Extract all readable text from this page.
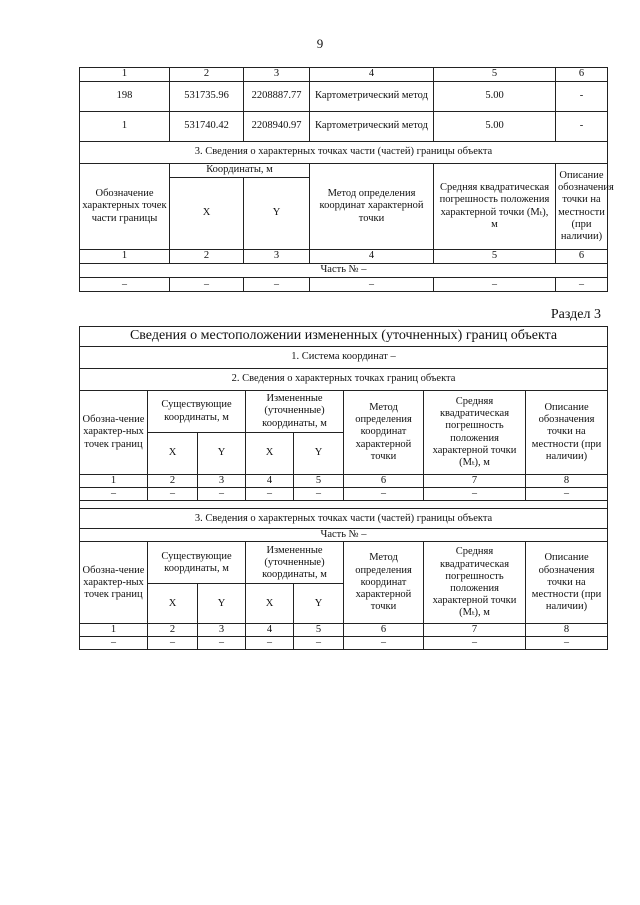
9
1	2	3	4	5	6
198	531735.96	2208887.77	Картометрический метод	5.00	-
1	531740.42	2208940.97	Картометрический метод	5.00	-
3. Сведения о характерных точках части (частей) границы объекта					
Обозначение характерных точек части границы	Координаты, м		Метод определения координат характерной точки	Средняя квадратическая погрешность положения характерной точки (Mₜ), м	Описание обозначения точки на местности (при наличии)
	X	Y			
1	2	3	4	5	6
Часть № –					
–	–	–	–	–	–
Раздел 3
Сведения о местоположении измененных (уточненных) границ объекта							
1. Система координат –							
2. Сведения о характерных точках границ объекта							
Обозна-чение характер-ных точек границ	Существующие координаты, м		Измененные (уточненные) координаты, м		Метод определения координат характерной точки	Средняя квадратическая погрешность положения характерной точки (Mₜ), м	Описание обозначения точки на местности (при наличии)
	X	Y	X	Y			
1	2	3	4	5	6	7	8
–	–	–	–	–	–	–	–

3. Сведения о характерных точках части (частей) границы объекта							
Часть № –							
Обозна-чение характер-ных точек границ	Существующие координаты, м		Измененные (уточненные) координаты, м		Метод определения координат характерной точки	Средняя квадратическая погрешность положения характерной точки (Mₜ), м	Описание обозначения точки на местности (при наличии)
	X	Y	X	Y			
1	2	3	4	5	6	7	8
–	–	–	–	–	–	–	–
